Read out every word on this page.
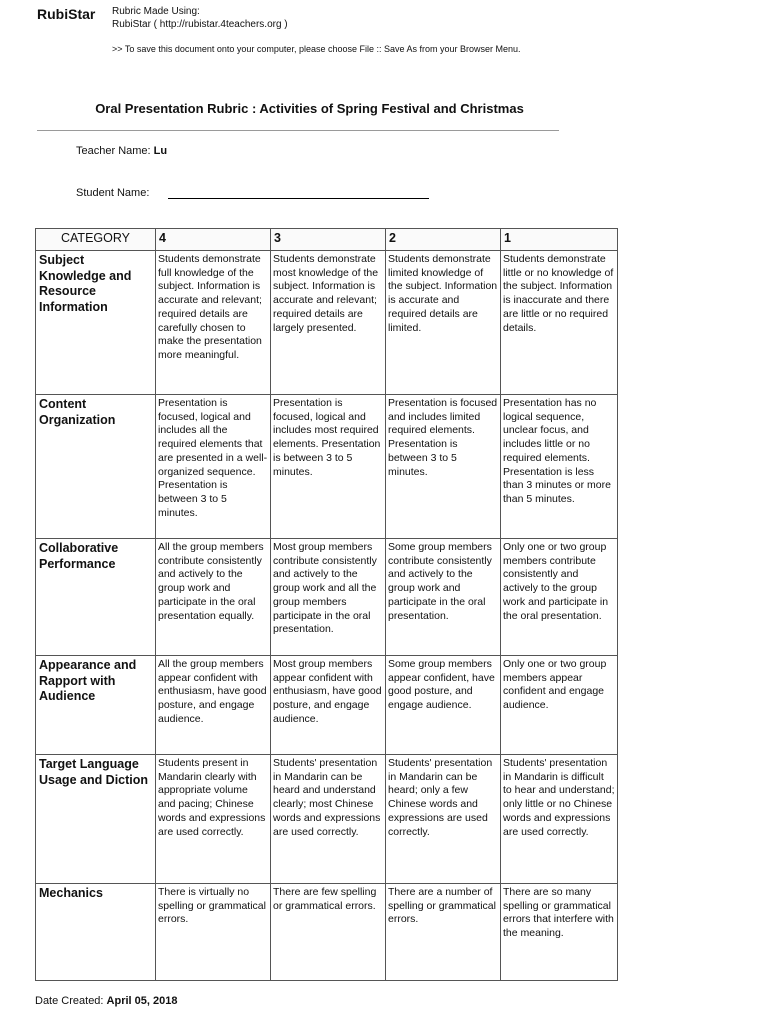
RubiStar Rubric Made Using:
RubiStar ( http://rubistar.4teachers.org )
>> To save this document onto your computer, please choose File :: Save As from your Browser Menu.
Oral Presentation Rubric : Activities of Spring Festival and Christmas
Teacher Name: Lu
Student Name:
CATEGORY	4	3	2	1
Subject Knowledge and Resource Information	Students demonstrate full knowledge of the subject. Information is accurate and relevant; required details are carefully chosen to make the presentation more meaningful.	Students demonstrate most knowledge of the subject. Information is accurate and relevant; required details are largely presented.	Students demonstrate limited knowledge of the subject. Information is accurate and required details are limited.	Students demonstrate little or no knowledge of the subject. Information is inaccurate and there are little or no required details.
Content Organization	Presentation is focused, logical and includes all the required elements that are presented in a well-organized sequence. Presentation is between 3 to 5 minutes.	Presentation is focused, logical and includes most required elements. Presentation is between 3 to 5 minutes.	Presentation is focused and includes limited required elements. Presentation is between 3 to 5 minutes.	Presentation has no logical sequence, unclear focus, and includes little or no required elements. Presentation is less than 3 minutes or more than 5 minutes.
Collaborative Performance	All the group members contribute consistently and actively to the group work and participate in the oral presentation equally.	Most group members contribute consistently and actively to the group work and all the group members participate in the oral presentation.	Some group members contribute consistently and actively to the group work and participate in the oral presentation.	Only one or two group members contribute consistently and actively to the group work and participate in the oral presentation.
Appearance and Rapport with Audience	All the group members appear confident with enthusiasm, have good posture, and engage audience.	Most group members appear confident with enthusiasm, have good posture, and engage audience.	Some group members appear confident, have good posture, and engage audience.	Only one or two group members appear confident and engage audience.
Target Language Usage and Diction	Students present in Mandarin clearly with appropriate volume and pacing; Chinese words and expressions are used correctly.	Students' presentation in Mandarin can be heard and understand clearly; most Chinese words and expressions are used correctly.	Students' presentation in Mandarin can be heard; only a few Chinese words and expressions are used correctly.	Students' presentation in Mandarin is difficult to hear and understand; only little or no Chinese words and expressions are used correctly.
Mechanics	There is virtually no spelling or grammatical errors.	There are few spelling or grammatical errors.	There are a number of spelling or grammatical errors.	There are so many spelling or grammatical errors that interfere with the meaning.
Date Created: April 05, 2018
